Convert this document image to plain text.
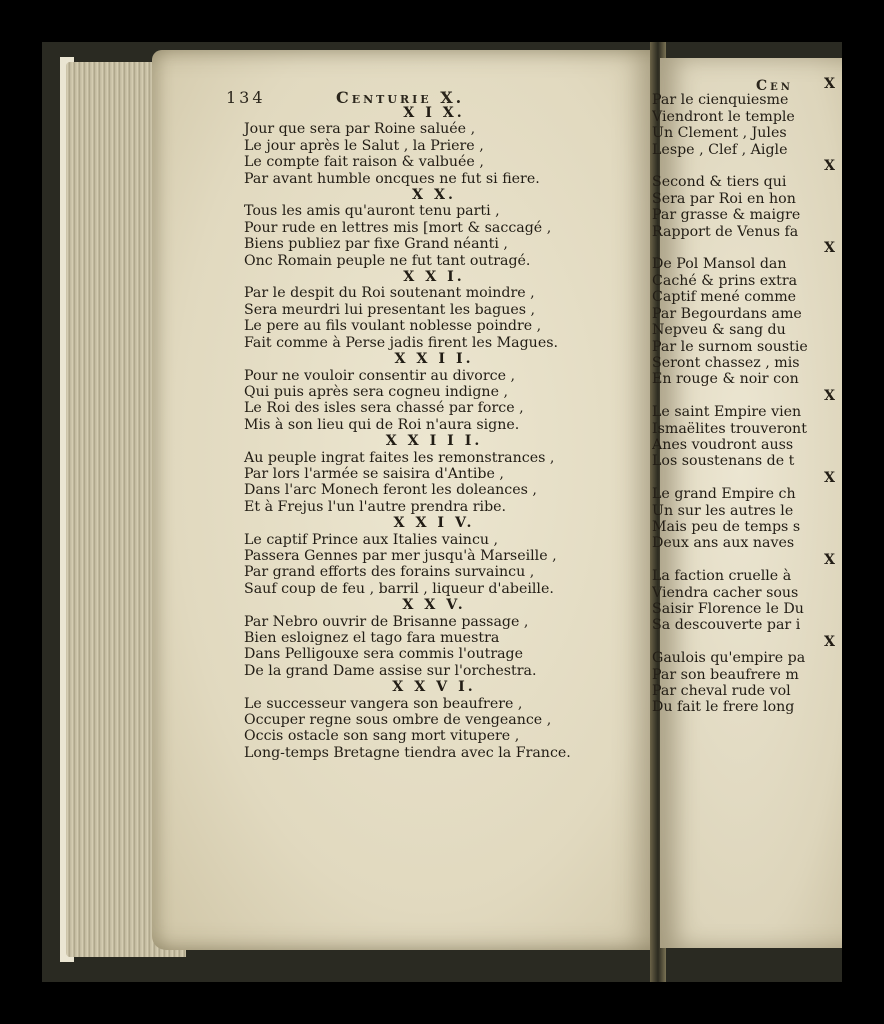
134	Centurie X.
X I X.
Jour que sera par Roine saluée ,
Le jour après le Salut , la Priere ,
Le compte fait raison & valbuée ,
Par avant humble oncques ne fut si fiere.
X X.
Tous les amis qu'auront tenu parti ,
Pour rude en lettres mis [mort & saccagé ,
Biens publiez par fixe Grand néanti ,
Onc Romain peuple ne fut tant outragé.
X X I.
Par le despit du Roi soutenant moindre ,
Sera meurdri lui presentant les bagues ,
Le pere au fils voulant noblesse poindre ,
Fait comme à Perse jadis firent les Magues.
X X I I.
Pour ne vouloir consentir au divorce ,
Qui puis après sera cogneu indigne ,
Le Roi des isles sera chassé par force ,
Mis à son lieu qui de Roi n'aura signe.
X X I I I.
Au peuple ingrat faites les remonstrances ,
Par lors l'armée se saisira d'Antibe ,
Dans l'arc Monech feront les doleances ,
Et à Frejus l'un l'autre prendra ribe.
X X I V.
Le captif Prince aux Italies vaincu ,
Passera Gennes par mer jusqu'à Marseille ,
Par grand efforts des forains survaincu ,
Sauf coup de feu , barril , liqueur d'abeille.
X X V.
Par Nebro ouvrir de Brisanne passage ,
Bien esloignez el tago fara muestra
Dans Pelligouxe sera commis l'outrage
De la grand Dame assise sur l'orchestra.
X X V I.
Le successeur vangera son beaufrere ,
Occuper regne sous ombre de vengeance ,
Occis ostacle son sang mort vitupere ,
Long-temps Bretagne tiendra avec la France.
Cen	X
Par le cienquiesme
Viendront le temple
Un Clement , Jules
Lespe , Clef , Aigle
X
Second & tiers qui
Sera par Roi en hon
Par grasse & maigre
Rapport de Venus fa
X
De Pol Mansol dan
Caché & prins extra
Captif mené comme
Par Begourdans ame
Nepveu & sang du
Par le surnom soustie
Seront chassez , mis
En rouge & noir con
X
Le saint Empire vien
Ismaëlites trouveront
Anes voudront auss
Los soustenans de t
X
Le grand Empire ch
Un sur les autres le
Mais peu de temps s
Deux ans aux naves
X
La faction cruelle à
Viendra cacher sous
Saisir Florence le Du
Sa descouverte par i
X
Gaulois qu'empire pa
Par son beaufrere m
Par cheval rude vol
Du fait le frere long
